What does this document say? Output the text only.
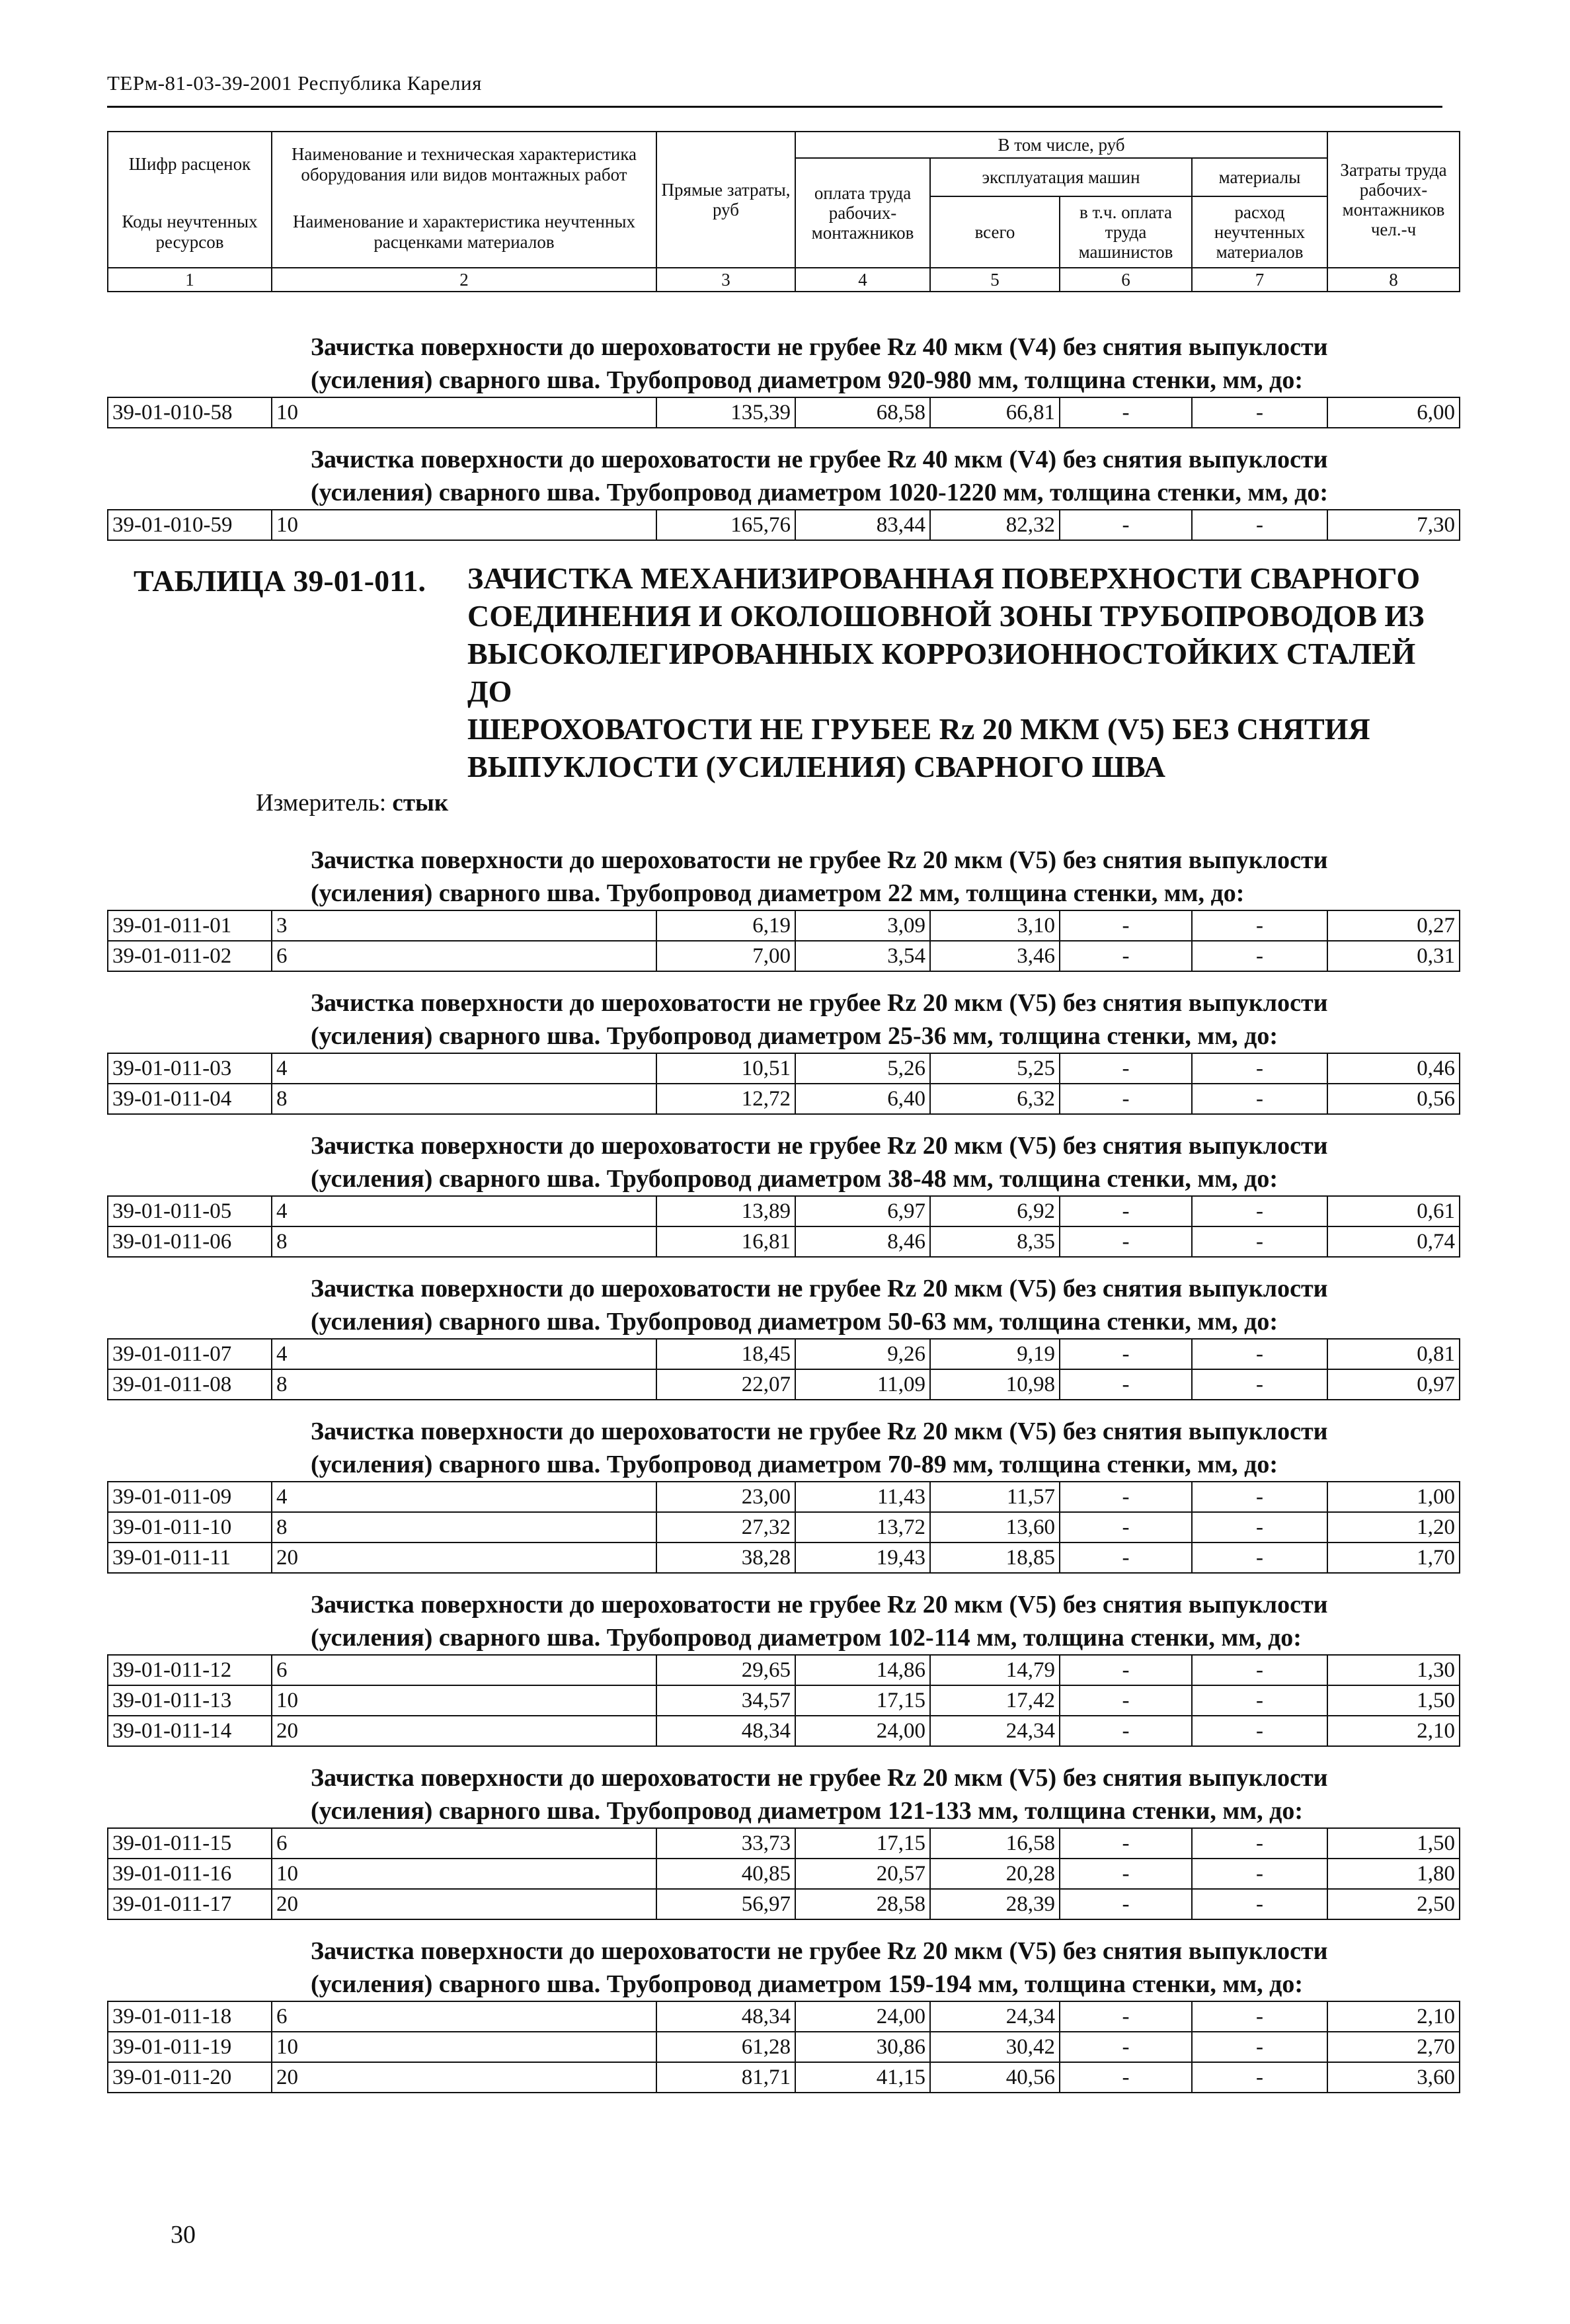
ТЕРм-81-03-39-2001 Республика Карелия
Шифр расценок	Наименование и техническая характеристика оборудования или видов монтажных работ	Прямые затраты, руб	В том числе, руб				Затраты труда рабочих-монтажников чел.-ч
			оплата труда рабочих-монтажников	эксплуатация машин		материалы	
Коды неучтенных ресурсов	Наименование и характеристика неучтенных расценками материалов			всего	в т.ч. оплата труда машинистов	расход неучтенных материалов	
1	2	3	4	5	6	7	8
Зачистка поверхности до шероховатости не грубее Rz 40 мкм (V4) без снятия выпуклости
(усиления) сварного шва. Трубопровод диаметром 920-980 мм, толщина стенки, мм, до:
39-01-010-58	10	135,39	68,58	66,81	-	-	6,00
Зачистка поверхности до шероховатости не грубее Rz 40 мкм (V4) без снятия выпуклости
(усиления) сварного шва. Трубопровод диаметром 1020-1220 мм, толщина стенки, мм, до:
39-01-010-59	10	165,76	83,44	82,32	-	-	7,30
ТАБЛИЦА 39-01-011. ЗАЧИСТКА МЕХАНИЗИРОВАННАЯ ПОВЕРХНОСТИ СВАРНОГО
СОЕДИНЕНИЯ И ОКОЛОШОВНОЙ ЗОНЫ ТРУБОПРОВОДОВ ИЗ
ВЫСОКОЛЕГИРОВАННЫХ КОРРОЗИОННОСТОЙКИХ СТАЛЕЙ ДО
ШЕРОХОВАТОСТИ НЕ ГРУБЕЕ Rz 20 МКМ (V5) БЕЗ СНЯТИЯ
ВЫПУКЛОСТИ (УСИЛЕНИЯ) СВАРНОГО ШВА
Измеритель: стык
Зачистка поверхности до шероховатости не грубее Rz 20 мкм (V5) без снятия выпуклости
(усиления) сварного шва. Трубопровод диаметром 22 мм, толщина стенки, мм, до:
39-01-011-01	3	6,19	3,09	3,10	-	-	0,27
39-01-011-02	6	7,00	3,54	3,46	-	-	0,31
Зачистка поверхности до шероховатости не грубее Rz 20 мкм (V5) без снятия выпуклости
(усиления) сварного шва. Трубопровод диаметром 25-36 мм, толщина стенки, мм, до:
39-01-011-03	4	10,51	5,26	5,25	-	-	0,46
39-01-011-04	8	12,72	6,40	6,32	-	-	0,56
Зачистка поверхности до шероховатости не грубее Rz 20 мкм (V5) без снятия выпуклости
(усиления) сварного шва. Трубопровод диаметром 38-48 мм, толщина стенки, мм, до:
39-01-011-05	4	13,89	6,97	6,92	-	-	0,61
39-01-011-06	8	16,81	8,46	8,35	-	-	0,74
Зачистка поверхности до шероховатости не грубее Rz 20 мкм (V5) без снятия выпуклости
(усиления) сварного шва. Трубопровод диаметром 50-63 мм, толщина стенки, мм, до:
39-01-011-07	4	18,45	9,26	9,19	-	-	0,81
39-01-011-08	8	22,07	11,09	10,98	-	-	0,97
Зачистка поверхности до шероховатости не грубее Rz 20 мкм (V5) без снятия выпуклости
(усиления) сварного шва. Трубопровод диаметром 70-89 мм, толщина стенки, мм, до:
39-01-011-09	4	23,00	11,43	11,57	-	-	1,00
39-01-011-10	8	27,32	13,72	13,60	-	-	1,20
39-01-011-11	20	38,28	19,43	18,85	-	-	1,70
Зачистка поверхности до шероховатости не грубее Rz 20 мкм (V5) без снятия выпуклости
(усиления) сварного шва. Трубопровод диаметром 102-114 мм, толщина стенки, мм, до:
39-01-011-12	6	29,65	14,86	14,79	-	-	1,30
39-01-011-13	10	34,57	17,15	17,42	-	-	1,50
39-01-011-14	20	48,34	24,00	24,34	-	-	2,10
Зачистка поверхности до шероховатости не грубее Rz 20 мкм (V5) без снятия выпуклости
(усиления) сварного шва. Трубопровод диаметром 121-133 мм, толщина стенки, мм, до:
39-01-011-15	6	33,73	17,15	16,58	-	-	1,50
39-01-011-16	10	40,85	20,57	20,28	-	-	1,80
39-01-011-17	20	56,97	28,58	28,39	-	-	2,50
Зачистка поверхности до шероховатости не грубее Rz 20 мкм (V5) без снятия выпуклости
(усиления) сварного шва. Трубопровод диаметром 159-194 мм, толщина стенки, мм, до:
39-01-011-18	6	48,34	24,00	24,34	-	-	2,10
39-01-011-19	10	61,28	30,86	30,42	-	-	2,70
39-01-011-20	20	81,71	41,15	40,56	-	-	3,60
30
